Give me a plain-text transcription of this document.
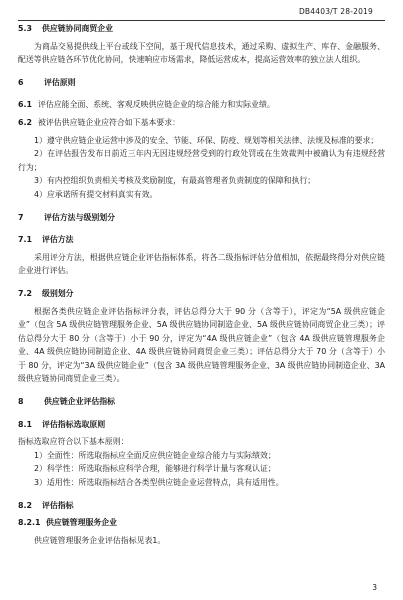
DB4403/T 28-2019
5.3 供应链协同商贸企业

为商品交易提供线上平台或线下空间，基于现代信息技术，通过采购、虚拟生产、库存、金融服务、配送等供应链各环节优化协同，快速响应市场需求，降低运营成本，提高运营效率的独立法人组织。

6	评估原则

6.1 评估应能全面、系统、客观反映供应链企业的综合能力和实际业绩。

6.2 被评估供应链企业应符合如下基本要求：

1）遵守供应链企业运营中涉及的安全、节能、环保、防疫、规划等相关法律、法规及标准的要求；

2）在评估报告发布日前近三年内无因违规经营受到的行政处罚或在生效裁判中被确认为有违规经营行为；

3）有内控组织负责相关考核及奖励制度，有最高管理者负责制度的保障和执行；

4）应承诺所有提交材料真实有效。

7	评估方法与级别划分
7.1 评估方法

采用评分方法，根据供应链企业评估指标体系，将各二级指标评估分值相加，依据最终得分对供应链企业进行评估。

7.2 级别划分

根据各类供应链企业评估指标评分表，评估总得分大于 90 分（含等于），评定为“5A 级供应链企业”（包含 5A 级供应链管理服务企业、5A 级供应链协同制造企业、5A 级供应链协同商贸企业三类）；评估总得分大于 80 分（含等于）小于 90 分，评定为“4A 级供应链企业”（包含 4A 级供应链管理服务企业、4A 级供应链协同制造企业、4A 级供应链协同商贸企业三类）；评估总得分大于 70 分（含等于）小于 80 分，评定为“3A 级供应链企业”（包含 3A 级供应链管理服务企业、3A 级供应链协同制造企业、3A 级供应链协同商贸企业三类）。

8	供应链企业评估指标
8.1 评估指标选取原则

指标选取应符合以下基本原则：

1）全面性：所选取指标应全面反应供应链企业综合能力与实际绩效；

2）科学性：所选取指标应科学合理，能够进行科学计量与客观认证；

3）适用性：所选取指标结合各类型供应链企业运营特点，具有适用性。

8.2 评估指标
8.2.1 供应链管理服务企业

供应链管理服务企业评估指标见表1。

3
